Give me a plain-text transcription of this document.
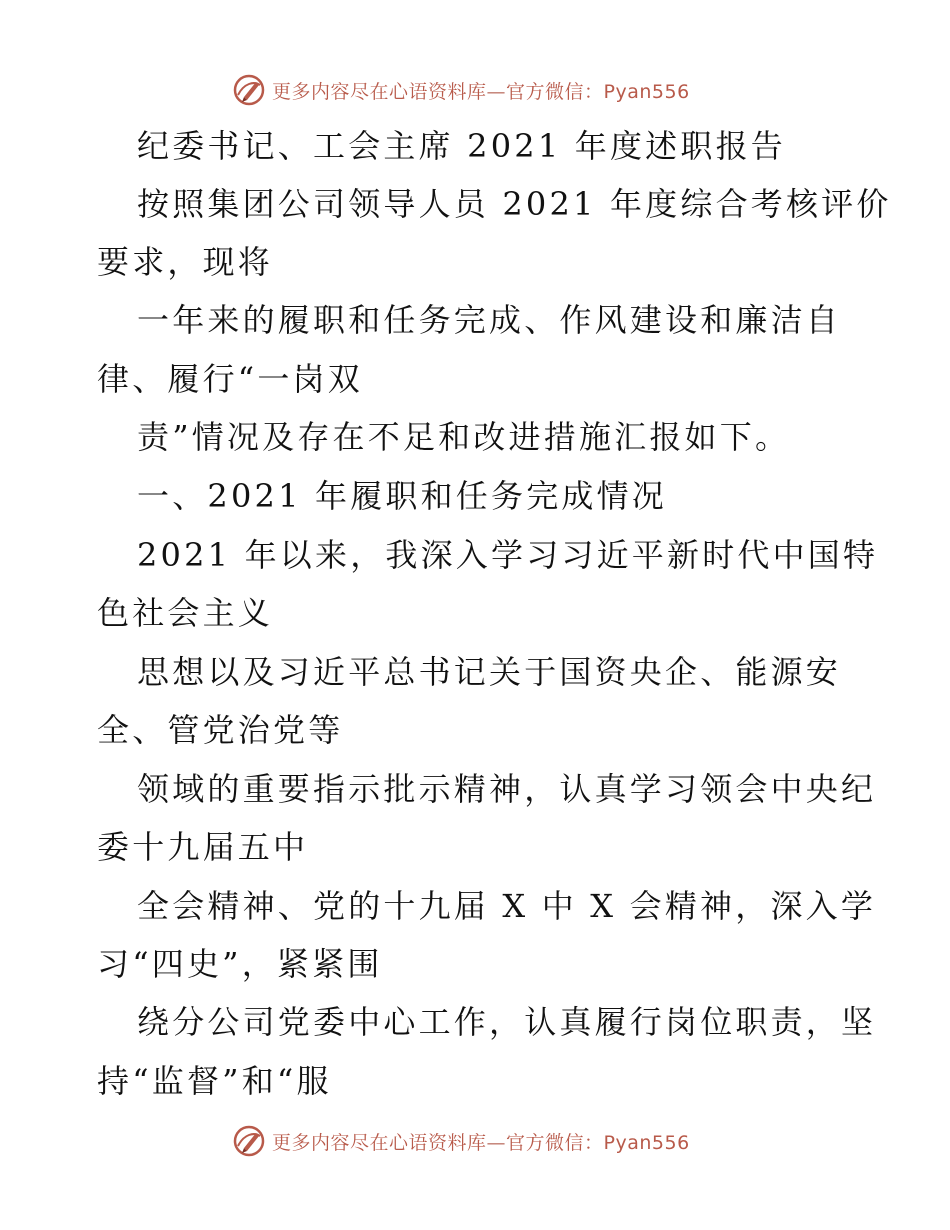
更多内容尽在心语资料库—官方微信：Pyan556
纪委书记、工会主席 2021 年度述职报告
按照集团公司领导人员 2021 年度综合考核评价
要求，现将
一年来的履职和任务完成、作风建设和廉洁自
律、履行“一岗双
责”情况及存在不足和改进措施汇报如下。
一、2021 年履职和任务完成情况
2021 年以来，我深入学习习近平新时代中国特
色社会主义
思想以及习近平总书记关于国资央企、能源安
全、管党治党等
领域的重要指示批示精神，认真学习领会中央纪
委十九届五中
全会精神、党的十九届 X 中 X 会精神，深入学
习“四史”，紧紧围
绕分公司党委中心工作，认真履行岗位职责，坚
持“监督”和“服
更多内容尽在心语资料库—官方微信：Pyan556
